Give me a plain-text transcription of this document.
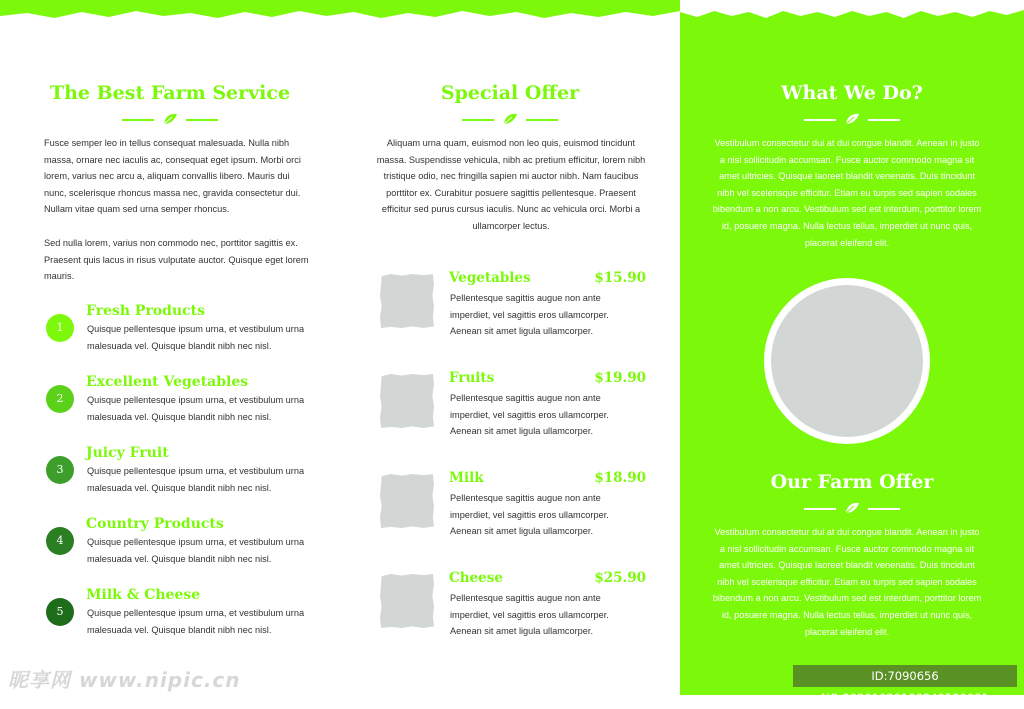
The Best Farm Service
Fusce semper leo in tellus consequat malesuada. Nulla nibh massa, ornare nec iaculis ac, consequat eget ipsum. Morbi orci lorem, varius nec arcu a, aliquam convallis libero. Mauris dui nunc, scelerisque rhoncus massa nec, gravida consectetur dui. Nullam vitae quam sed urna semper rhoncus.
Sed nulla lorem, varius non commodo nec, porttitor sagittis ex. Praesent quis lacus in risus vulputate auctor. Quisque eget lorem mauris.
1
Fresh Products
Quisque pellentesque ipsum urna, et vestibulum urna malesuada vel. Quisque blandit nibh nec nisl.
2
Excellent Vegetables
Quisque pellentesque ipsum urna, et vestibulum urna malesuada vel. Quisque blandit nibh nec nisl.
3
Juicy Fruit
Quisque pellentesque ipsum urna, et vestibulum urna malesuada vel. Quisque blandit nibh nec nisl.
4
Country Products
Quisque pellentesque ipsum urna, et vestibulum urna malesuada vel. Quisque blandit nibh nec nisl.
5
Milk & Cheese
Quisque pellentesque ipsum urna, et vestibulum urna malesuada vel. Quisque blandit nibh nec nisl.
Special Offer
Aliquam urna quam, euismod non leo quis, euismod tincidunt massa. Suspendisse vehicula, nibh ac pretium efficitur, lorem nibh tristique odio, nec fringilla sapien mi auctor nibh. Nam faucibus porttitor ex. Curabitur posuere sagittis pellentesque. Praesent efficitur sed purus cursus iaculis. Nunc ac vehicula orci. Morbi a ullamcorper lectus.
Vegetables	$15.90
Pellentesque sagittis augue non ante imperdiet, vel sagittis eros ullamcorper. Aenean sit amet ligula ullamcorper.
Fruits	$19.90
Pellentesque sagittis augue non ante imperdiet, vel sagittis eros ullamcorper. Aenean sit amet ligula ullamcorper.
Milk	$18.90
Pellentesque sagittis augue non ante imperdiet, vel sagittis eros ullamcorper. Aenean sit amet ligula ullamcorper.
Cheese	$25.90
Pellentesque sagittis augue non ante imperdiet, vel sagittis eros ullamcorper. Aenean sit amet ligula ullamcorper.
What We Do?
Vestibulum consectetur dui at dui congue blandit. Aenean in justo a nisl sollicitudin accumsan. Fusce auctor commodo magna sit amet ultricies. Quisque laoreet blandit venenatis. Duis tincidunt nibh vel scelerisque efficitur. Etiam eu turpis sed sapien sodales bibendum a non arcu. Vestibulum sed est interdum, porttitor lorem id, posuere magna. Nulla lectus tellus, imperdiet ut nunc quis, placerat eleifend elit.
Our Farm Offer
Vestibulum consectetur dui at dui congue blandit. Aenean in justo a nisl sollicitudin accumsan. Fusce auctor commodo magna sit amet ultricies. Quisque laoreet blandit venenatis. Duis tincidunt nibh vel scelerisque efficitur. Etiam eu turpis sed sapien sodales bibendum a non arcu. Vestibulum sed est interdum, porttitor lorem id, posuere magna. Nulla lectus tellus, imperdiet ut nunc quis, placerat eleifend elit.
昵享网 www.nipic.cn	ID:7090656 NO:20201029100249530081
